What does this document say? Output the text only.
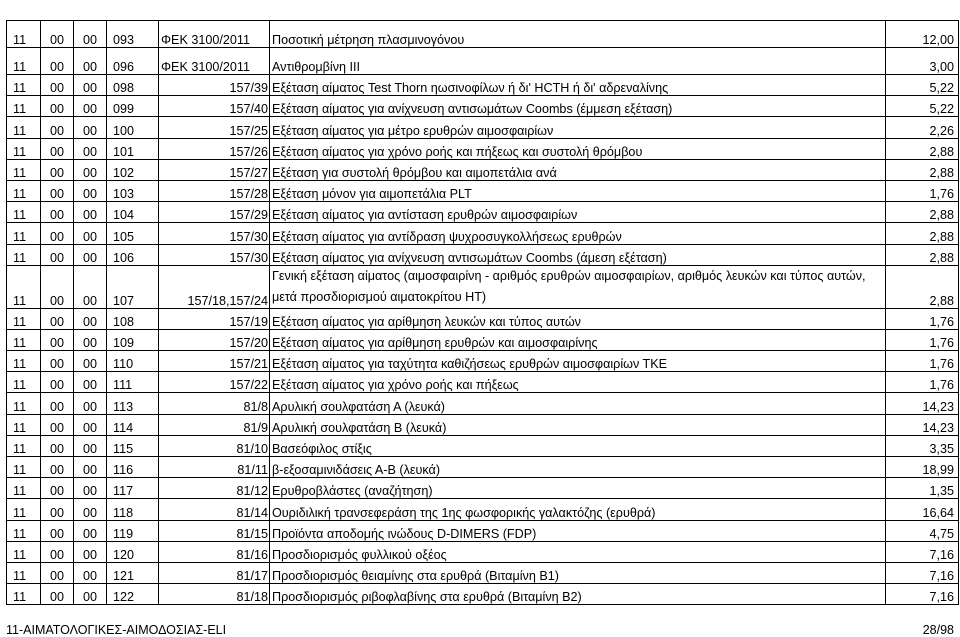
11	00	00	093	ΦΕΚ 3100/2011	Ποσοτική μέτρηση πλασμινογόνου	12,00
11	00	00	096	ΦΕΚ 3100/2011	Αντιθρομβίνη ΙΙΙ	3,00
11	00	00	098	157/39	Εξέταση αίματος Test Thorn ηωσινοφίλων ή δι' ΗCTH ή δι' αδρεναλίνης	5,22
11	00	00	099	157/40	Εξέταση αίματος για ανίχνευση αντισωμάτων Coombs (έμμεση εξέταση)	5,22
11	00	00	100	157/25	Εξέταση αίματος για μέτρο ερυθρών αιμοσφαιρίων	2,26
11	00	00	101	157/26	Εξέταση αίματος για χρόνο ροής και πήξεως και συστολή θρόμβου	2,88
11	00	00	102	157/27	Εξέταση για συστολή θρόμβου και αιμοπετάλια ανά	2,88
11	00	00	103	157/28	Εξέταση μόνον για αιμοπετάλια PLT	1,76
11	00	00	104	157/29	Εξέταση αίματος για αντίσταση ερυθρών αιμοσφαιρίων	2,88
11	00	00	105	157/30	Εξέταση αίματος για αντίδραση ψυχροσυγκολλήσεως ερυθρών	2,88
11	00	00	106	157/30	Εξέταση αίματος για ανίχνευση αντισωμάτων Coombs (άμεση εξέταση)	2,88
11	00	00	107	157/18,157/24	Γενική εξέταση αίματος (αιμοσφαιρίνη - αριθμός ερυθρών αιμοσφαιρίων, αριθμός λευκών και τύπος αυτών, μετά προσδιορισμού αιματοκρίτου ΗΤ)	2,88
11	00	00	108	157/19	Εξέταση αίματος για αρίθμηση λευκών και τύπος αυτών	1,76
11	00	00	109	157/20	Εξέταση αίματος για αρίθμηση ερυθρών και αιμοσφαιρίνης	1,76
11	00	00	110	157/21	Εξέταση αίματος για ταχύτητα καθιζήσεως ερυθρών αιμοσφαιρίων ΤΚΕ	1,76
11	00	00	111	157/22	Εξέταση αίματος για χρόνο ροής και πήξεως	1,76
11	00	00	113	81/8	Αρυλική σουλφατάση Α (λευκά)	14,23
11	00	00	114	81/9	Αρυλική σουλφατάση Β (λευκά)	14,23
11	00	00	115	81/10	Βασεόφιλος στίξις	3,35
11	00	00	116	81/11	β-εξοσαμινιδάσεις Α-Β (λευκά)	18,99
11	00	00	117	81/12	Ερυθροβλάστες (αναζήτηση)	1,35
11	00	00	118	81/14	Ουριδιλική τρανσεφεράση της 1ης φωσφορικής γαλακτόζης (ερυθρά)	16,64
11	00	00	119	81/15	Προϊόντα αποδομής ινώδους D-DIMERS (FDP)	4,75
11	00	00	120	81/16	Προσδιορισμός φυλλικού οξέος	7,16
11	00	00	121	81/17	Προσδιορισμός θειαμίνης στα ερυθρά (Βιταμίνη Β1)	7,16
11	00	00	122	81/18	Προσδιορισμός ριβοφλαβίνης στα ερυθρά (Βιταμίνη Β2)	7,16
11-ΑΙΜΑΤΟΛΟΓΙΚΕΣ-ΑΙΜΟΔΟΣΙΑΣ-ELI	28/98
